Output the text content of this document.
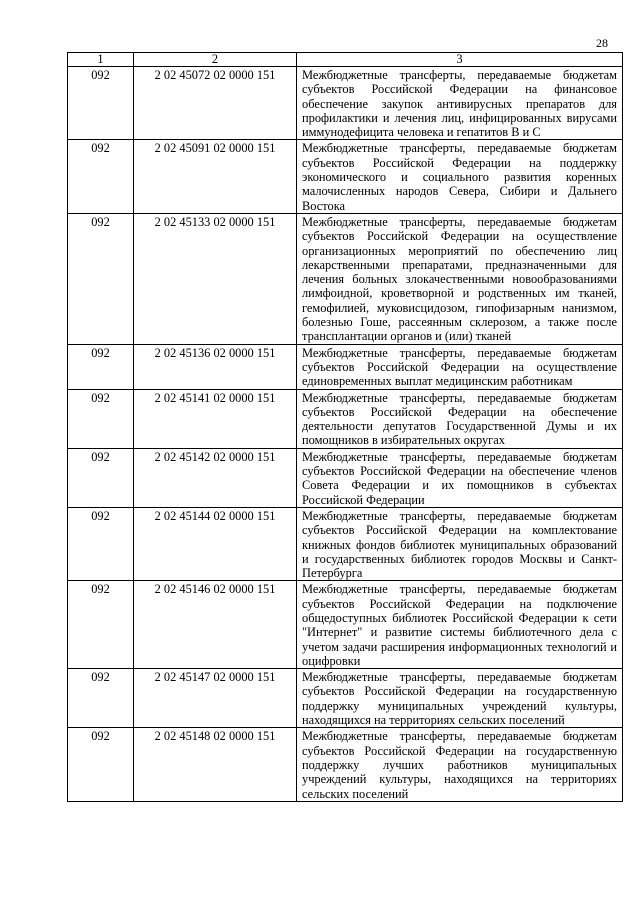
28
1	2	3
092	2 02 45072 02 0000 151	Межбюджетные трансферты, передаваемые бюджетам субъектов Российской Федерации на финансовое обеспечение закупок антивирусных препаратов для профилактики и лечения лиц, инфицированных вирусами иммунодефицита человека и гепатитов В и С
092	2 02 45091 02 0000 151	Межбюджетные трансферты, передаваемые бюджетам субъектов Российской Федерации на поддержку экономического и социального развития коренных малочисленных народов Севера, Сибири и Дальнего Востока
092	2 02 45133 02 0000 151	Межбюджетные трансферты, передаваемые бюджетам субъектов Российской Федерации на осуществление организационных мероприятий по обеспечению лиц лекарственными препаратами, предназначенными для лечения больных злокачественными новообразованиями лимфоидной, кроветворной и родственных им тканей, гемофилией, муковисцидозом, гипофизарным нанизмом, болезнью Гоше, рассеянным склерозом, а также после трансплантации органов и (или) тканей
092	2 02 45136 02 0000 151	Межбюджетные трансферты, передаваемые бюджетам субъектов Российской Федерации на осуществление единовременных выплат медицинским работникам
092	2 02 45141 02 0000 151	Межбюджетные трансферты, передаваемые бюджетам субъектов Российской Федерации на обеспечение деятельности депутатов Государственной Думы и их помощников в избирательных округах
092	2 02 45142 02 0000 151	Межбюджетные трансферты, передаваемые бюджетам субъектов Российской Федерации на обеспечение членов Совета Федерации и их помощников в субъектах Российской Федерации
092	2 02 45144 02 0000 151	Межбюджетные трансферты, передаваемые бюджетам субъектов Российской Федерации на комплектование книжных фондов библиотек муниципальных образований и государственных библиотек городов Москвы и Санкт-Петербурга
092	2 02 45146 02 0000 151	Межбюджетные трансферты, передаваемые бюджетам субъектов Российской Федерации на подключение общедоступных библиотек Российской Федерации к сети "Интернет" и развитие системы библиотечного дела с учетом задачи расширения информационных технологий и оцифровки
092	2 02 45147 02 0000 151	Межбюджетные трансферты, передаваемые бюджетам субъектов Российской Федерации на государственную поддержку муниципальных учреждений культуры, находящихся на территориях сельских поселений
092	2 02 45148 02 0000 151	Межбюджетные трансферты, передаваемые бюджетам субъектов Российской Федерации на государственную поддержку лучших работников муниципальных учреждений культуры, находящихся на территориях сельских поселений
